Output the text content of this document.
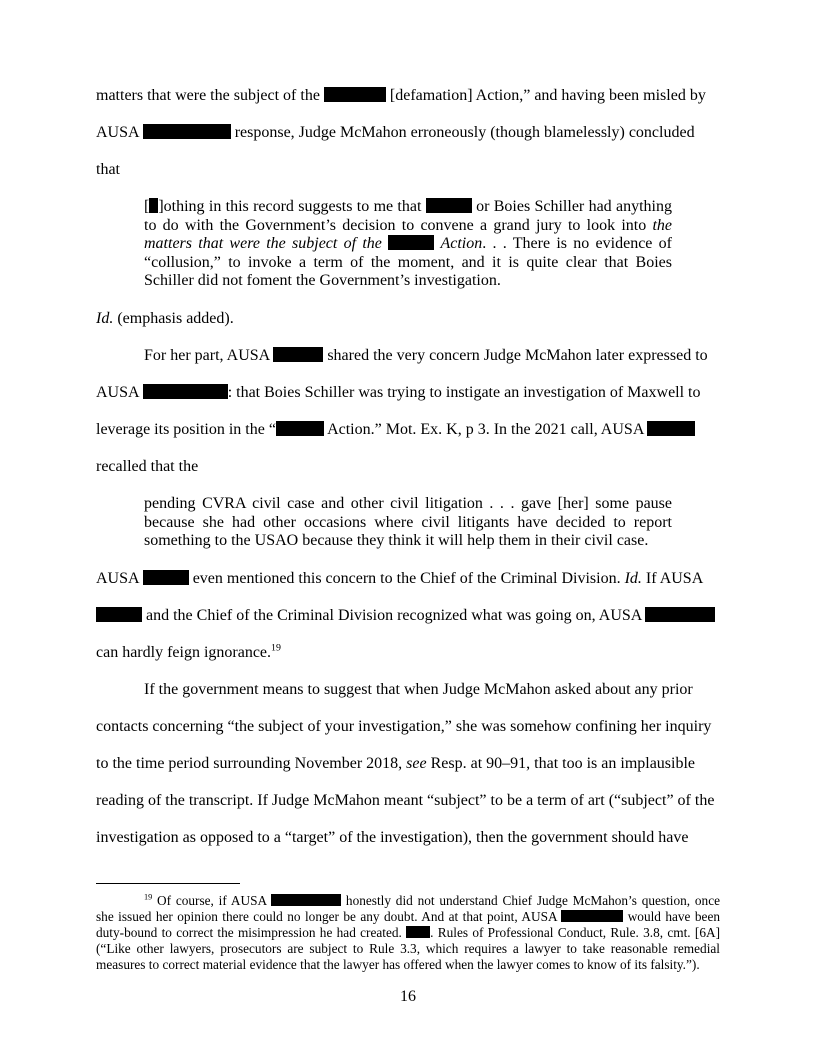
matters that were the subject of the	[defamation] Action,” and having been misled by AUSA	response, Judge McMahon erroneously (though blamelessly) concluded that
[ ]othing in this record suggests to me that	or Boies Schiller had anything to do with the Government’s decision to convene a grand jury to look into the matters that were the subject of the	Action. . . There is no evidence of “collusion,” to invoke a term of the moment, and it is quite clear that Boies Schiller did not foment the Government’s investigation.
Id. (emphasis added).
For her part, AUSA	shared the very concern Judge McMahon later expressed to AUSA	: that Boies Schiller was trying to instigate an investigation of Maxwell to leverage its position in the “	Action.” Mot. Ex. K, p 3. In the 2021 call, AUSA  recalled that the
pending CVRA civil case and other civil litigation . . . gave [her] some pause because she had other occasions where civil litigants have decided to report something to the USAO because they think it will help them in their civil case.
AUSA	even mentioned this concern to the Chief of the Criminal Division. Id. If AUSA  and the Chief of the Criminal Division recognized what was going on, AUSA  can hardly feign ignorance.$^{19}$
If the government means to suggest that when Judge McMahon asked about any prior contacts concerning “the subject of your investigation,” she was somehow confining her inquiry to the time period surrounding November 2018, see Resp. at 90–91, that too is an implausible reading of the transcript. If Judge McMahon meant “subject” to be a term of art (“subject” of the investigation as opposed to a “target” of the investigation), then the government should have
$^{19}$ Of course, if AUSA	honestly did not understand Chief Judge McMahon’s question, once she issued her opinion there could no longer be any doubt. And at that point, AUSA	would have been duty-bound to correct the misimpression he had created. . Rules of Professional Conduct, Rule. 3.8, cmt. [6A] (“Like other lawyers, prosecutors are subject to Rule 3.3, which requires a lawyer to take reasonable remedial measures to correct material evidence that the lawyer has offered when the lawyer comes to know of its falsity.”).
16
